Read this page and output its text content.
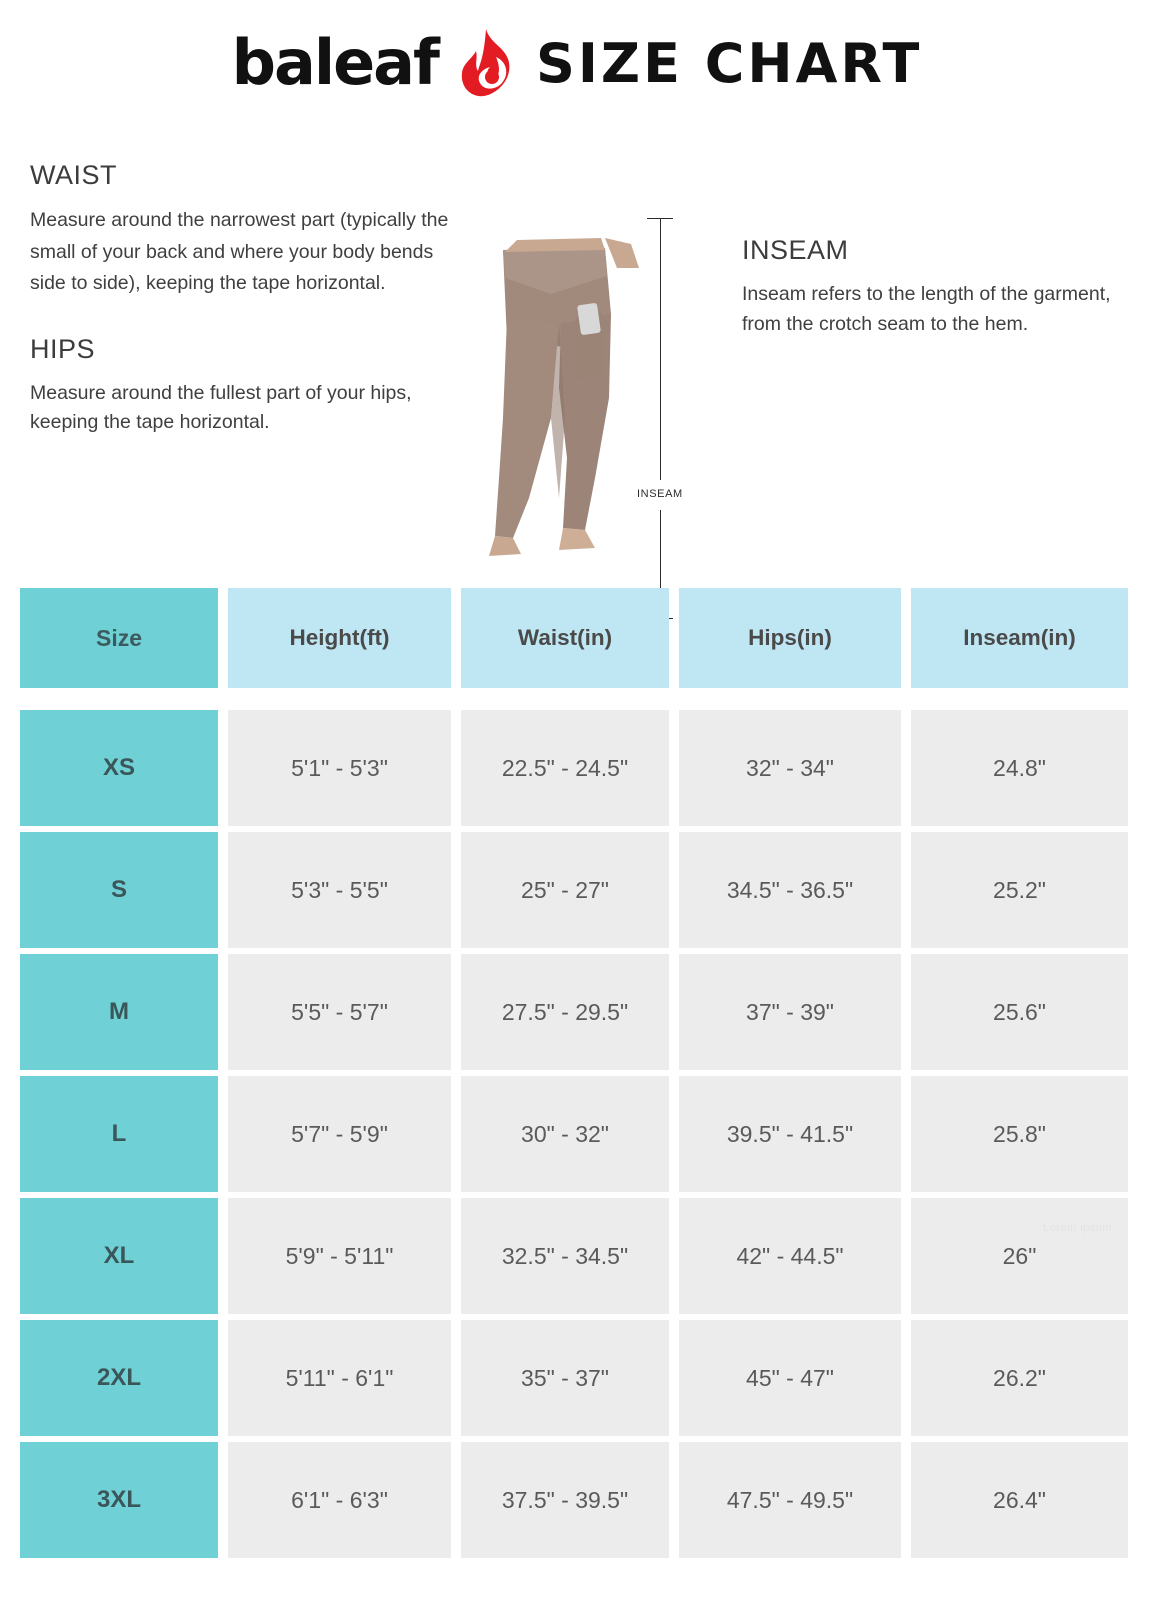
baleaf SIZE CHART
WAIST

Measure around the narrowest part (typically the small of your back and where your body bends side to side), keeping the tape horizontal.

HIPS

Measure around the fullest part of your hips, keeping the tape horizontal.

INSEAM

Inseam refers to the length of the garment, from the crotch seam to the hem.

WAIST
HIPS
INSEAM
Size	Height(ft)	Waist(in)	Hips(in)	Inseam(in)
XS	5'1" - 5'3"	22.5" - 24.5"	32" - 34"	24.8"
S	5'3" - 5'5"	25" - 27"	34.5" - 36.5"	25.2"
M	5'5" - 5'7"	27.5" - 29.5"	37" - 39"	25.6"
L	5'7" - 5'9"	30" - 32"	39.5" - 41.5"	25.8"
XL	5'9" - 5'11"	32.5" - 34.5"	42" - 44.5"	26"
2XL	5'11" - 6'1"	35" - 37"	45" - 47"	26.2"
3XL	6'1" - 6'3"	37.5" - 39.5"	47.5" - 49.5"	26.4"
Lorem ipsum
